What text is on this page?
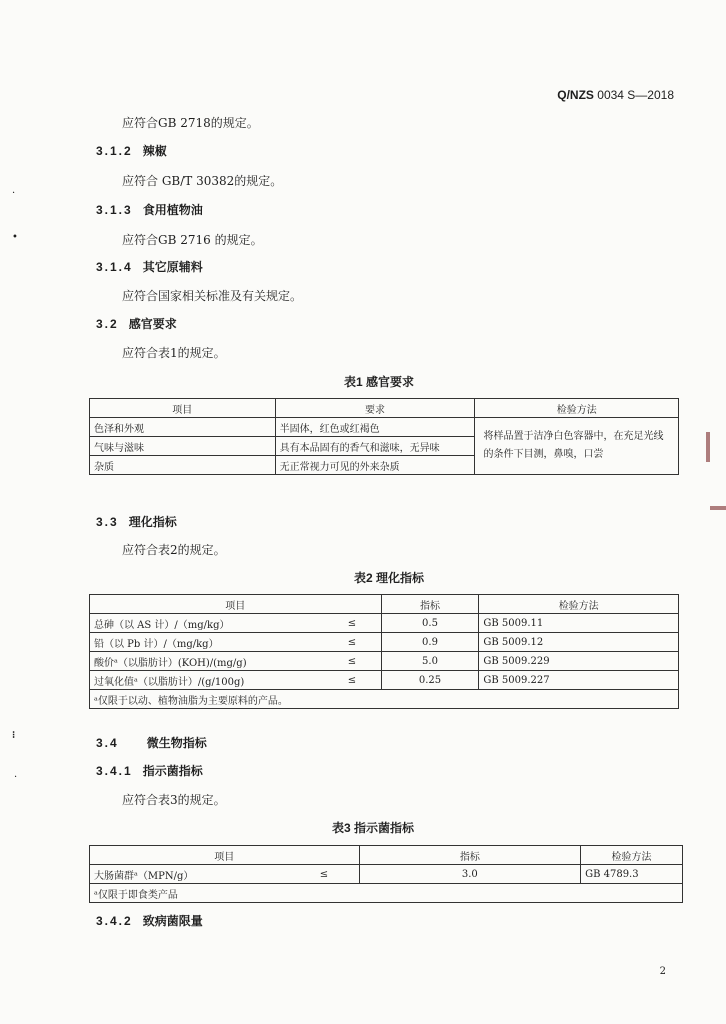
Q/NZS 0034 S—2018
应符合GB 2718的规定。
3.1.2 辣椒
应符合 GB/T 30382的规定。
3.1.3 食用植物油
应符合GB 2716 的规定。
3.1.4 其它原辅料
应符合国家相关标准及有关规定。
3.2 感官要求
应符合表1的规定。
表1 感官要求
项目	要求	检验方法
色泽和外观	半固体，红色或红褐色	将样品置于洁净白色容器中，在充足光线的条件下目测，鼻嗅，口尝
气味与滋味	具有本品固有的香气和滋味，无异味	
杂质	无正常视力可见的外来杂质	
3.3 理化指标
应符合表2的规定。
表2 理化指标
项目		指标	检验方法
总砷（以 AS 计）/（mg/kg）	≤	0.5	GB 5009.11
铅（以 Pb 计）/（mg/kg）	≤	0.9	GB 5009.12
酸价ᵃ（以脂肪计）(KOH)/(mg/g)	≤	5.0	GB 5009.229
过氧化值ᵃ（以脂肪计）/(g/100g)	≤	0.25	GB 5009.227
ᵃ仅限于以动、植物油脂为主要原料的产品。			
3.4 微生物指标
3.4.1 指示菌指标
应符合表3的规定。
表3 指示菌指标
项目		指标	检验方法
大肠菌群ᵃ（MPN/g）	≤	3.0	GB 4789.3
ᵃ仅限于即食类产品			
3.4.2 致病菌限量
2
·
•
⁝
·
